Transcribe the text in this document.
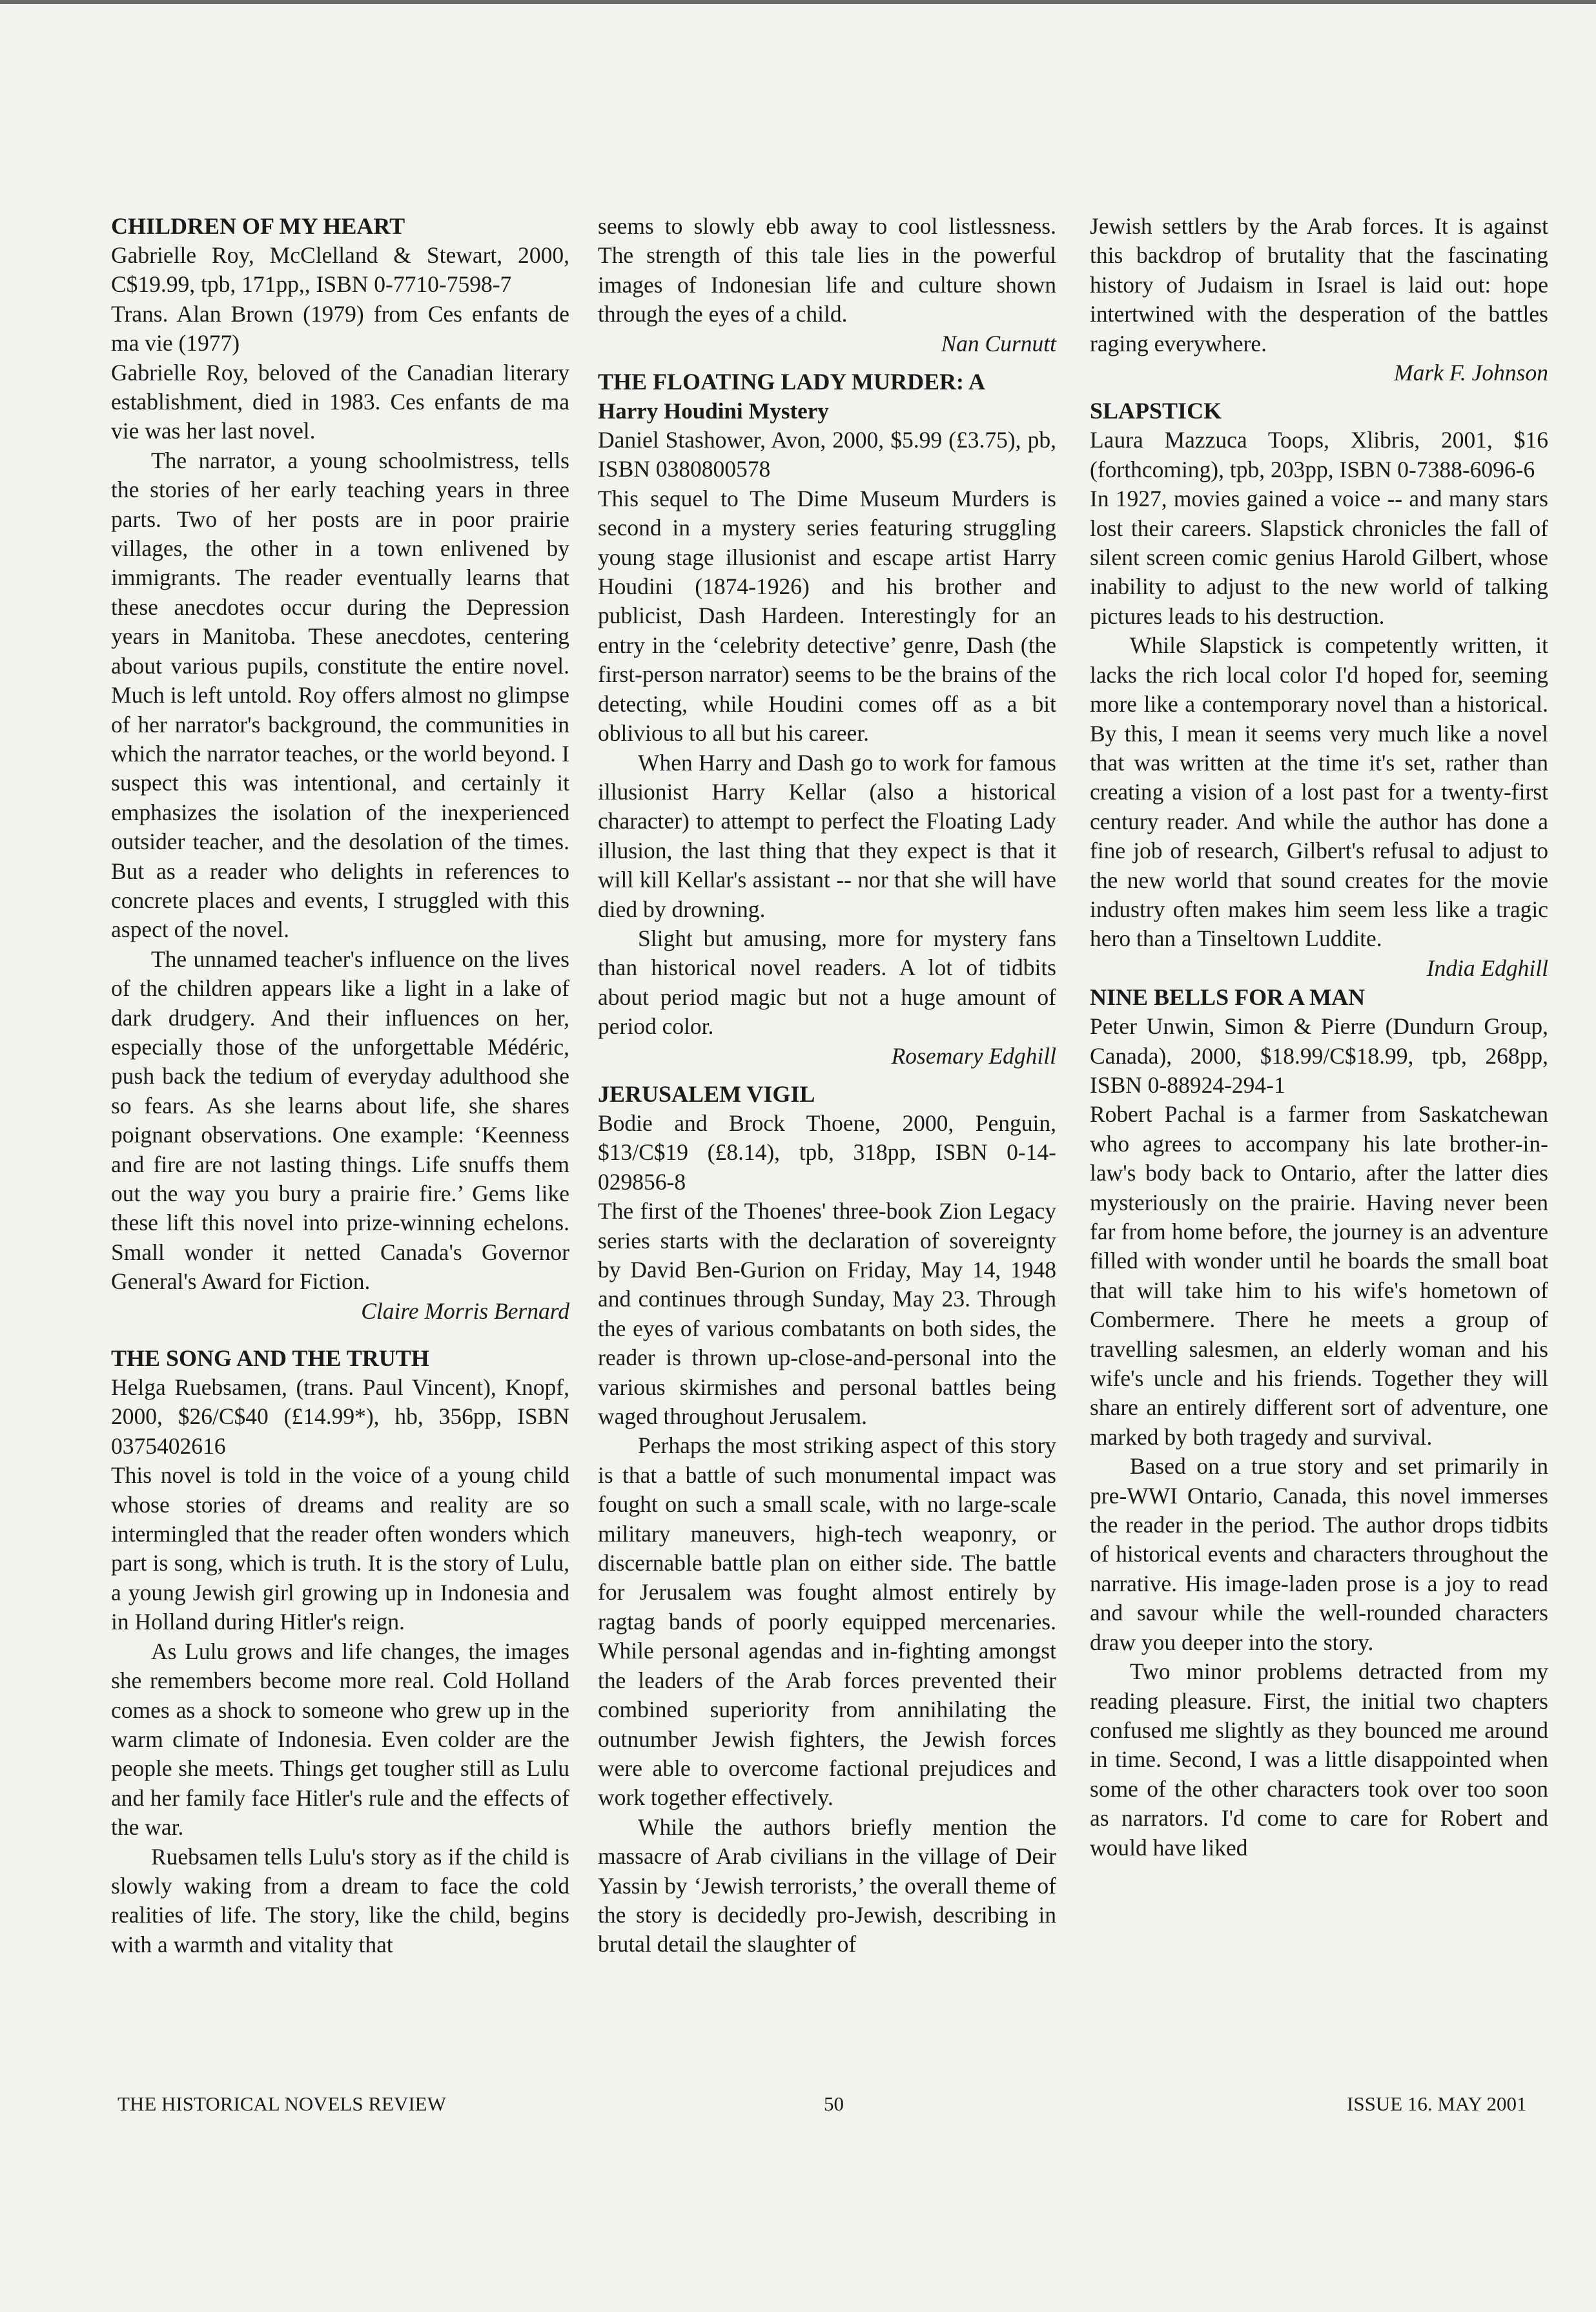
CHILDREN OF MY HEART

Gabrielle Roy, McClelland & Stewart, 2000, C$19.99, tpb, 171pp,, ISBN 0-7710-7598-7

Trans. Alan Brown (1979) from Ces enfants de ma vie (1977)

Gabrielle Roy, beloved of the Canadian literary establishment, died in 1983. Ces enfants de ma vie was her last novel.

The narrator, a young schoolmistress, tells the stories of her early teaching years in three parts. Two of her posts are in poor prairie villages, the other in a town enlivened by immigrants. The reader eventually learns that these anecdotes occur during the Depression years in Manitoba. These anecdotes, centering about various pupils, constitute the entire novel. Much is left untold. Roy offers almost no glimpse of her narrator's background, the communities in which the narrator teaches, or the world beyond. I suspect this was intentional, and certainly it emphasizes the isolation of the inexperienced outsider teacher, and the desolation of the times. But as a reader who delights in references to concrete places and events, I struggled with this aspect of the novel.

The unnamed teacher's influence on the lives of the children appears like a light in a lake of dark drudgery. And their influences on her, especially those of the unforgettable Médéric, push back the tedium of everyday adulthood she so fears. As she learns about life, she shares poignant observations. One example: ‘Keenness and fire are not lasting things. Life snuffs them out the way you bury a prairie fire.’ Gems like these lift this novel into prize-winning echelons. Small wonder it netted Canada's Governor General's Award for Fiction.

Claire Morris Bernard

THE SONG AND THE TRUTH

Helga Ruebsamen, (trans. Paul Vincent), Knopf, 2000, $26/C$40 (£14.99*), hb, 356pp, ISBN 0375402616

This novel is told in the voice of a young child whose stories of dreams and reality are so intermingled that the reader often wonders which part is song, which is truth. It is the story of Lulu, a young Jewish girl growing up in Indonesia and in Holland during Hitler's reign.

As Lulu grows and life changes, the images she remembers become more real. Cold Holland comes as a shock to someone who grew up in the warm climate of Indonesia. Even colder are the people she meets. Things get tougher still as Lulu and her family face Hitler's rule and the effects of the war.

Ruebsamen tells Lulu's story as if the child is slowly waking from a dream to face the cold realities of life. The story, like the child, begins with a warmth and vitality that

seems to slowly ebb away to cool listlessness. The strength of this tale lies in the powerful images of Indonesian life and culture shown through the eyes of a child.

Nan Curnutt

THE FLOATING LADY MURDER: A
Harry Houdini Mystery

Daniel Stashower, Avon, 2000, $5.99 (£3.75), pb, ISBN 0380800578

This sequel to The Dime Museum Murders is second in a mystery series featuring struggling young stage illusionist and escape artist Harry Houdini (1874-1926) and his brother and publicist, Dash Hardeen. Interestingly for an entry in the ‘celebrity detective’ genre, Dash (the first-person narrator) seems to be the brains of the detecting, while Houdini comes off as a bit oblivious to all but his career.

When Harry and Dash go to work for famous illusionist Harry Kellar (also a historical character) to attempt to perfect the Floating Lady illusion, the last thing that they expect is that it will kill Kellar's assistant -- nor that she will have died by drowning.

Slight but amusing, more for mystery fans than historical novel readers. A lot of tidbits about period magic but not a huge amount of period color.

Rosemary Edghill

JERUSALEM VIGIL

Bodie and Brock Thoene, 2000, Penguin, $13/C$19 (£8.14), tpb, 318pp, ISBN 0-14-029856-8

The first of the Thoenes' three-book Zion Legacy series starts with the declaration of sovereignty by David Ben-Gurion on Friday, May 14, 1948 and continues through Sunday, May 23. Through the eyes of various combatants on both sides, the reader is thrown up-close-and-personal into the various skirmishes and personal battles being waged throughout Jerusalem.

Perhaps the most striking aspect of this story is that a battle of such monumental impact was fought on such a small scale, with no large-scale military maneuvers, high-tech weaponry, or discernable battle plan on either side. The battle for Jerusalem was fought almost entirely by ragtag bands of poorly equipped mercenaries. While personal agendas and in-fighting amongst the leaders of the Arab forces prevented their combined superiority from annihilating the outnumber Jewish fighters, the Jewish forces were able to overcome factional prejudices and work together effectively.

While the authors briefly mention the massacre of Arab civilians in the village of Deir Yassin by ‘Jewish terrorists,’ the overall theme of the story is decidedly pro-Jewish, describing in brutal detail the slaughter of

Jewish settlers by the Arab forces. It is against this backdrop of brutality that the fascinating history of Judaism in Israel is laid out: hope intertwined with the desperation of the battles raging everywhere.

Mark F. Johnson

SLAPSTICK

Laura Mazzuca Toops, Xlibris, 2001, $16 (forthcoming), tpb, 203pp, ISBN 0-7388-6096-6

In 1927, movies gained a voice -- and many stars lost their careers. Slapstick chronicles the fall of silent screen comic genius Harold Gilbert, whose inability to adjust to the new world of talking pictures leads to his destruction.

While Slapstick is competently written, it lacks the rich local color I'd hoped for, seeming more like a contemporary novel than a historical. By this, I mean it seems very much like a novel that was written at the time it's set, rather than creating a vision of a lost past for a twenty-first century reader. And while the author has done a fine job of research, Gilbert's refusal to adjust to the new world that sound creates for the movie industry often makes him seem less like a tragic hero than a Tinseltown Luddite.

India Edghill

NINE BELLS FOR A MAN

Peter Unwin, Simon & Pierre (Dundurn Group, Canada), 2000, $18.99/C$18.99, tpb, 268pp, ISBN 0-88924-294-1

Robert Pachal is a farmer from Saskatchewan who agrees to accompany his late brother-in-law's body back to Ontario, after the latter dies mysteriously on the prairie. Having never been far from home before, the journey is an adventure filled with wonder until he boards the small boat that will take him to his wife's hometown of Combermere. There he meets a group of travelling salesmen, an elderly woman and his wife's uncle and his friends. Together they will share an entirely different sort of adventure, one marked by both tragedy and survival.

Based on a true story and set primarily in pre-WWI Ontario, Canada, this novel immerses the reader in the period. The author drops tidbits of historical events and characters throughout the narrative. His image-laden prose is a joy to read and savour while the well-rounded characters draw you deeper into the story.

Two minor problems detracted from my reading pleasure. First, the initial two chapters confused me slightly as they bounced me around in time. Second, I was a little disappointed when some of the other characters took over too soon as narrators. I'd come to care for Robert and would have liked

THE HISTORICAL NOVELS REVIEW	50	ISSUE 16. MAY 2001
